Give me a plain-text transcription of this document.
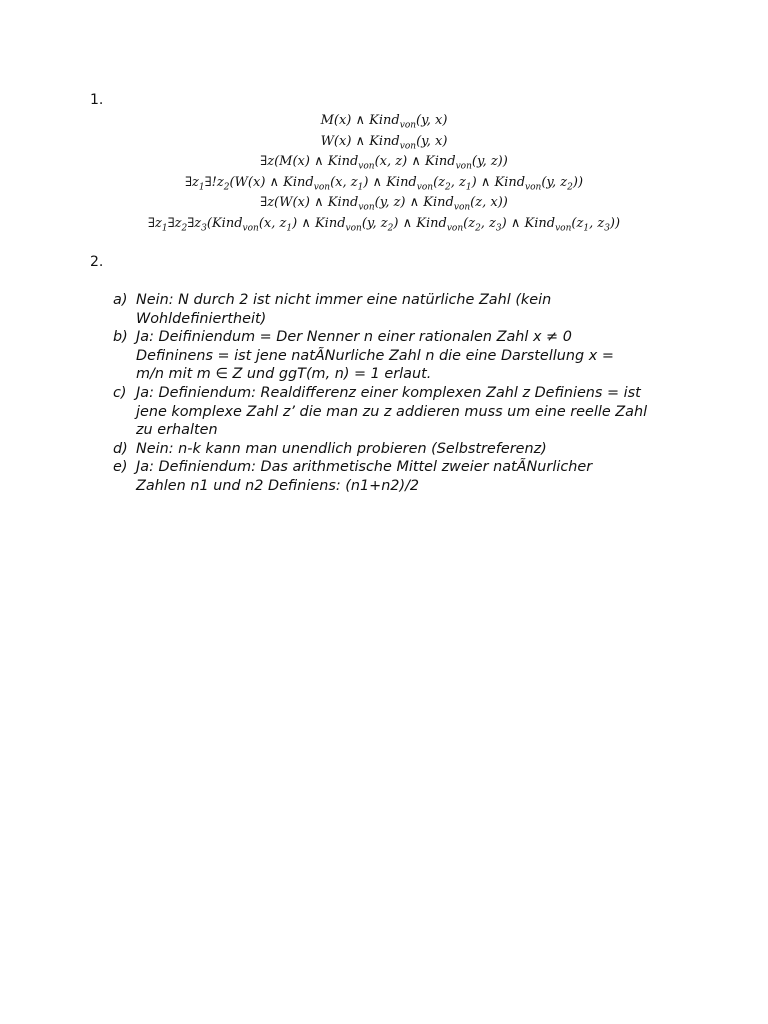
1.
M(x) ∧ Kind$_{von}$(y, x)
W(x) ∧ Kind$_{von}$(y, x)
∃z(M(x) ∧ Kind$_{von}$(x, z) ∧ Kind$_{von}$(y, z))
$\exists z_1\exists!z_2(W(x)$ ∧ Kind$_{von}$(x, $z_1$) ∧ $Kind_{von}(z_2$, $z_1$) ∧ Kind$_{von}$(y, $z_2$))
∃z(W(x) ∧ Kind$_{von}$(y, z) ∧ Kind$_{von}$(z, x))
$\exists z_1\exists z_2\exists z_3(Kind_{von}(x$, $z_1$) ∧ Kind$_{von}$(y, $z_2$) ∧ $Kind_{von}(z_2$, $z_3$) ∧ $Kind_{von}(z_1$, $z_3$))
2.
a) Nein: N durch 2 ist nicht immer eine natürliche Zahl (kein
Wohldefiniertheit)
b) Ja: Deifiniendum = Der Nenner n einer rationalen Zahl x ≠ 0
Defininens = ist jene natÃNurliche Zahl n die eine Darstellung x =
m/n mit m ∈ Z und ggT(m, n) = 1 erlaut.
c) Ja: Definiendum: Realdifferenz einer komplexen Zahl z Definiens = ist
jene komplexe Zahl z’ die man zu z addieren muss um eine reelle Zahl
zu erhalten
d) Nein: n-k kann man unendlich probieren (Selbstreferenz)
e) Ja: Definiendum: Das arithmetische Mittel zweier natÃNurlicher
Zahlen n1 und n2 Definiens: (n1+n2)/2
